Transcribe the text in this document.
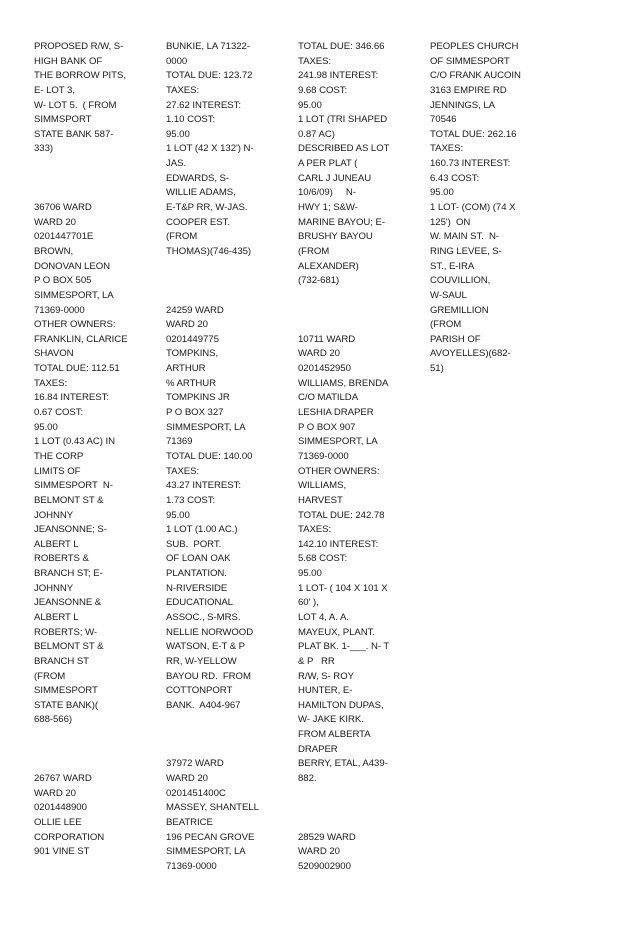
PROPOSED R/W, S-
HIGH BANK OF
THE BORROW PITS,
E- LOT 3,
W- LOT 5.  ( FROM
SIMMSPORT
STATE BANK 587-
333)
36706 WARD
WARD 20
0201447701E
BROWN,
DONOVAN LEON
P O BOX 505
SIMMESPORT, LA
71369-0000
OTHER OWNERS:
FRANKLIN, CLARICE
SHAVON
TOTAL DUE: 112.51
TAXES:
16.84 INTEREST:
0.67 COST:
95.00
1 LOT (0.43 AC) IN
THE CORP
LIMITS OF
SIMMESPORT  N-
BELMONT ST &
JOHNNY
JEANSONNE; S-
ALBERT L
ROBERTS &
BRANCH ST; E-
JOHNNY
JEANSONNE &
ALBERT L
ROBERTS; W-
BELMONT ST &
BRANCH ST
(FROM
SIMMESPORT
STATE BANK)(
688-566)
26767 WARD
WARD 20
0201448900
OLLIE LEE
CORPORATION
901 VINE ST
BUNKIE, LA 71322-
0000
TOTAL DUE: 123.72
TAXES:
27.62 INTEREST:
1.10 COST:
95.00
1 LOT (42 X 132') N-
JAS.
EDWARDS, S-
WILLIE ADAMS,
E-T&P RR, W-JAS.
COOPER EST.
(FROM
THOMAS)(746-435)
24259 WARD
WARD 20
0201449775
TOMPKINS,
ARTHUR
% ARTHUR
TOMPKINS JR
P O BOX 327
SIMMESPORT, LA
71369
TOTAL DUE: 140.00
TAXES:
43.27 INTEREST:
1.73 COST:
95.00
1 LOT (1.00 AC.)
SUB.  PORT.
OF LOAN OAK
PLANTATION.
N-RIVERSIDE
EDUCATIONAL
ASSOC., S-MRS.
NELLIE NORWOOD
WATSON, E-T & P
RR, W-YELLOW
BAYOU RD.  FROM
COTTONPORT
BANK.  A404-967
37972 WARD
WARD 20
0201451400C
MASSEY, SHANTELL
BEATRICE
196 PECAN GROVE
SIMMESPORT, LA
71369-0000
TOTAL DUE: 346.66
TAXES:
241.98 INTEREST:
9.68 COST:
95.00
1 LOT (TRI SHAPED
0.87 AC)
DESCRIBED AS LOT
A PER PLAT (
CARL J JUNEAU
10/6/09)     N-
HWY 1; S&W-
MARINE BAYOU; E-
BRUSHY BAYOU
(FROM
ALEXANDER)
(732-681)
10711 WARD
WARD 20
0201452950
WILLIAMS, BRENDA
C/O MATILDA
LESHIA DRAPER
P O BOX 907
SIMMESPORT, LA
71369-0000
OTHER OWNERS:
WILLIAMS,
HARVEST
TOTAL DUE: 242.78
TAXES:
142.10 INTEREST:
5.68 COST:
95.00
1 LOT- ( 104 X 101 X
60' ),
LOT 4, A. A.
MAYEUX, PLANT.
PLAT BK. 1-___. N- T
& P   RR
R/W, S- ROY
HUNTER, E-
HAMILTON DUPAS,
W- JAKE KIRK.
FROM ALBERTA
DRAPER
BERRY, ETAL, A439-
882.
28529 WARD
WARD 20
5209002900
PEOPLES CHURCH
OF SIMMESPORT
C/O FRANK AUCOIN
3163 EMPIRE RD
JENNINGS, LA
70546
TOTAL DUE: 262.16
TAXES:
160.73 INTEREST:
6.43 COST:
95.00
1 LOT- (COM) (74 X
125')  ON
W. MAIN ST.  N-
RING LEVEE, S-
ST., E-IRA
COUVILLION,
W-SAUL
GREMILLION
(FROM
PARISH OF
AVOYELLES)(682-
51)
